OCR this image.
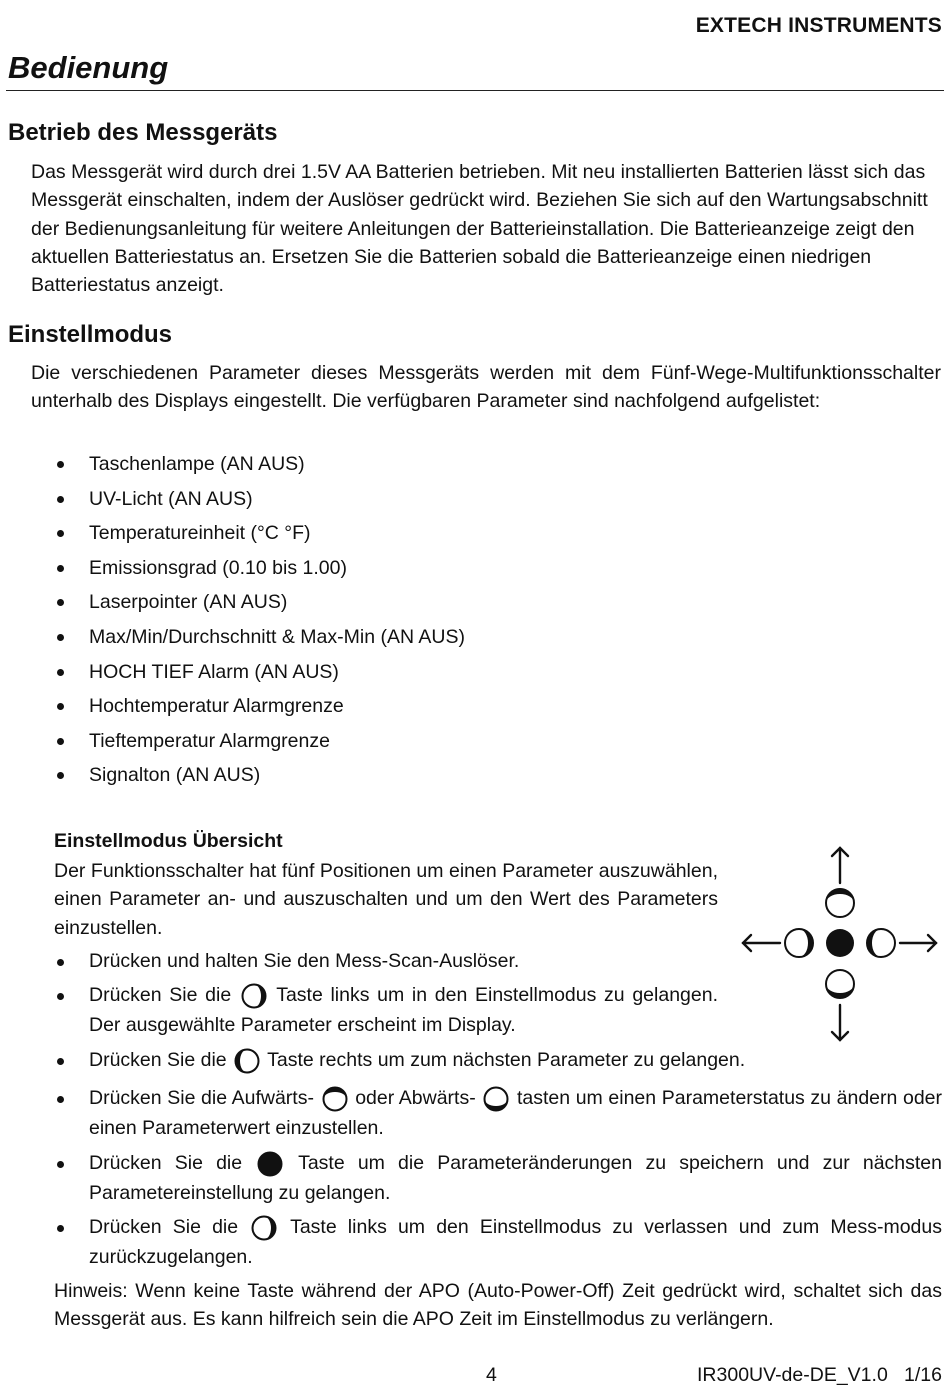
EXTECH INSTRUMENTS
Bedienung
Betrieb des Messgeräts

Das Messgerät wird durch drei 1.5V AA Batterien betrieben. Mit neu installierten Batterien lässt sich das Messgerät einschalten, indem der Auslöser gedrückt wird. Beziehen Sie sich auf den Wartungsabschnitt der Bedienungsanleitung für weitere Anleitungen der Batterieinstallation. Die Batterieanzeige zeigt den aktuellen Batteriestatus an. Ersetzen Sie die Batterien sobald die Batterieanzeige einen niedrigen Batteriestatus anzeigt.

Einstellmodus

Die verschiedenen Parameter dieses Messgeräts werden mit dem Fünf-Wege-Multifunktionsschalter unterhalb des Displays eingestellt. Die verfügbaren Parameter sind nachfolgend aufgelistet:

Taschenlampe (AN AUS)
UV-Licht (AN AUS)
Temperatureinheit (°C °F)
Emissionsgrad (0.10 bis 1.00)
Laserpointer (AN AUS)
Max/Min/Durchschnitt & Max-Min (AN AUS)
HOCH TIEF Alarm (AN AUS)
Hochtemperatur Alarmgrenze
Tieftemperatur Alarmgrenze
Signalton (AN AUS)
Einstellmodus Übersicht

Der Funktionsschalter hat fünf Positionen um einen Parameter auszuwählen, einen Parameter an- und auszuschalten und um den Wert des Parameters einzustellen.

Drücken und halten Sie den Mess-Scan-Auslöser.
Drücken Sie die Taste links um in den Einstellmodus zu gelangen. Der ausgewählte Parameter erscheint im Display.
Drücken Sie die Taste rechts um zum nächsten Parameter zu gelangen.
Drücken Sie die Aufwärts- oder Abwärts- tasten um einen Parameterstatus zu ändern oder einen Parameterwert einzustellen.
Drücken Sie die	Taste um die Parameteränderungen zu speichern und zur nächsten Parametereinstellung zu gelangen.
Drücken Sie die	Taste links um den Einstellmodus zu verlassen und zum Mess-modus zurückzugelangen.

Hinweis: Wenn keine Taste während der APO (Auto-Power-Off) Zeit gedrückt wird, schaltet sich das Messgerät aus. Es kann hilfreich sein die APO Zeit im Einstellmodus zu verlängern.

4	IR300UV-de-DE_V1.0   1/16
